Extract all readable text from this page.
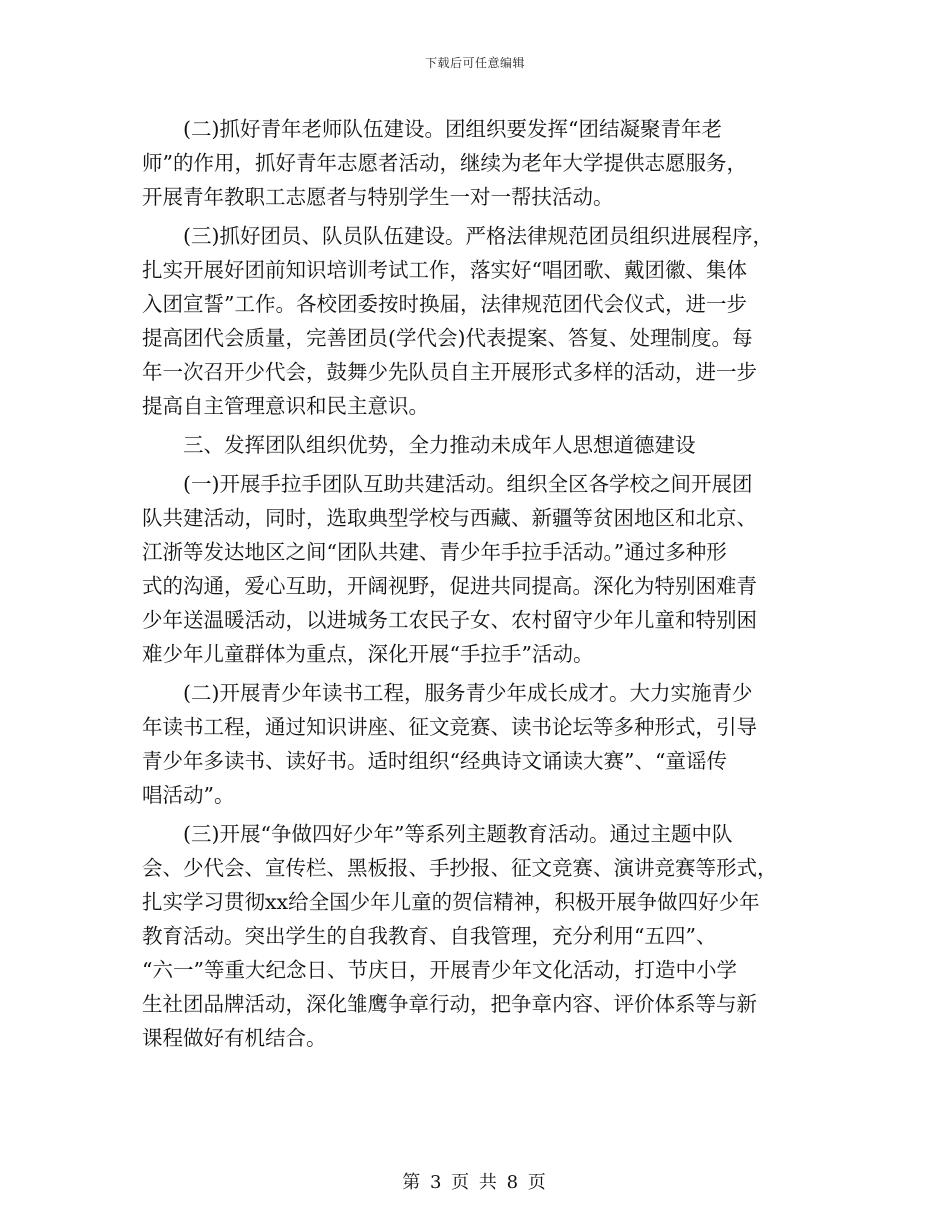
下载后可任意编辑
(二)抓好青年老师队伍建设。团组织要发挥“团结凝聚青年老
师”的作用，抓好青年志愿者活动，继续为老年大学提供志愿服务，
开展青年教职工志愿者与特别学生一对一帮扶活动。
(三)抓好团员、队员队伍建设。严格法律规范团员组织进展程序，
扎实开展好团前知识培训考试工作，落实好“唱团歌、戴团徽、集体
入团宣誓”工作。各校团委按时换届，法律规范团代会仪式，进一步
提高团代会质量，完善团员(学代会)代表提案、答复、处理制度。每
年一次召开少代会，鼓舞少先队员自主开展形式多样的活动，进一步
提高自主管理意识和民主意识。
三、发挥团队组织优势，全力推动未成年人思想道德建设
(一)开展手拉手团队互助共建活动。组织全区各学校之间开展团
队共建活动，同时，选取典型学校与西藏、新疆等贫困地区和北京、
江浙等发达地区之间“团队共建、青少年手拉手活动。”通过多种形
式的沟通，爱心互助，开阔视野，促进共同提高。深化为特别困难青
少年送温暖活动，以进城务工农民子女、农村留守少年儿童和特别困
难少年儿童群体为重点，深化开展“手拉手”活动。
(二)开展青少年读书工程，服务青少年成长成才。大力实施青少
年读书工程，通过知识讲座、征文竞赛、读书论坛等多种形式，引导
青少年多读书、读好书。适时组织“经典诗文诵读大赛”、“童谣传
唱活动”。
(三)开展“争做四好少年”等系列主题教育活动。通过主题中队
会、少代会、宣传栏、黑板报、手抄报、征文竞赛、演讲竞赛等形式，
扎实学习贯彻xx给全国少年儿童的贺信精神，积极开展争做四好少年
教育活动。突出学生的自我教育、自我管理，充分利用“五四”、
“六一”等重大纪念日、节庆日，开展青少年文化活动，打造中小学
生社团品牌活动，深化雏鹰争章行动，把争章内容、评价体系等与新
课程做好有机结合。
第 3 页 共 8 页
